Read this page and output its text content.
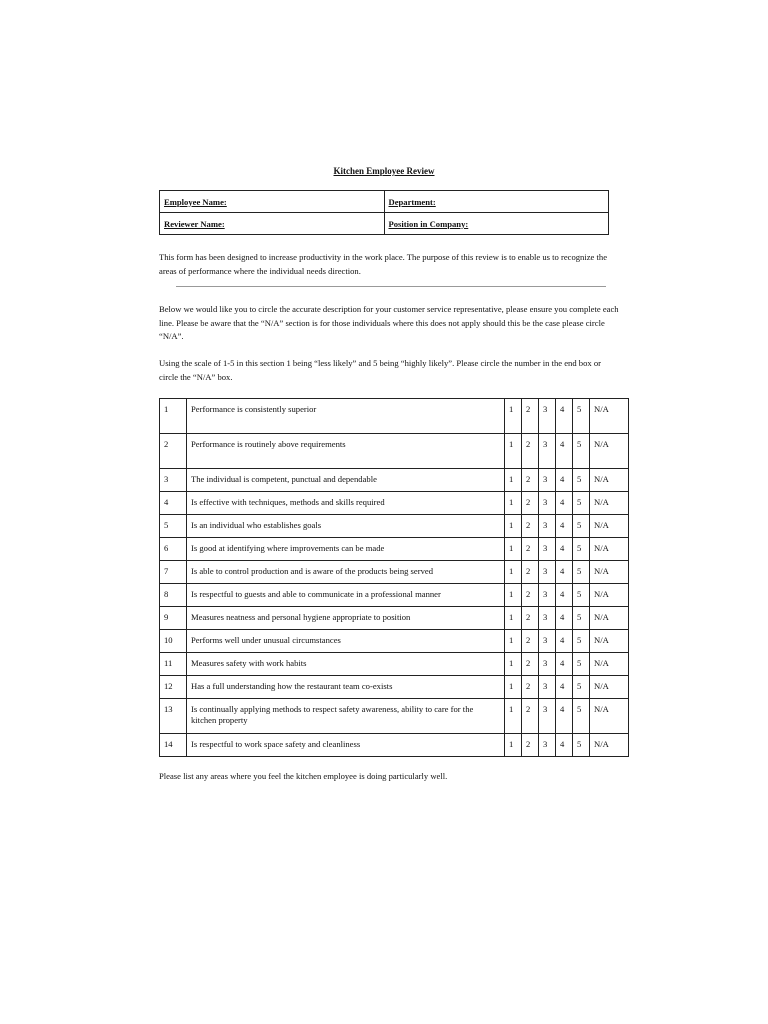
Kitchen Employee Review
Employee Name:	Department:
Reviewer Name:	Position in Company:

This form has been designed to increase productivity in the work place. The purpose of this review is to enable us to recognize the areas of performance where the individual needs direction.

Below we would like you to circle the accurate description for your customer service representative, please ensure you complete each line. Please be aware that the “N/A” section is for those individuals where this does not apply should this be the case please circle “N/A”.

Using the scale of 1-5 in this section 1 being “less likely” and 5 being “highly likely”. Please circle the number in the end box or circle the “N/A” box.

1	Performance is consistently superior	1	2	3	4	5	N/A
2	Performance is routinely above requirements	1	2	3	4	5	N/A
3	The individual is competent, punctual and dependable	1	2	3	4	5	N/A
4	Is effective with techniques, methods and skills required	1	2	3	4	5	N/A
5	Is an individual who establishes goals	1	2	3	4	5	N/A
6	Is good at identifying where improvements can be made	1	2	3	4	5	N/A
7	Is able to control production and is aware of the products being served	1	2	3	4	5	N/A
8	Is respectful to guests and able to communicate in a professional manner	1	2	3	4	5	N/A
9	Measures neatness and personal hygiene appropriate to position	1	2	3	4	5	N/A
10	Performs well under unusual circumstances	1	2	3	4	5	N/A
11	Measures safety with work habits	1	2	3	4	5	N/A
12	Has a full understanding how the restaurant team co-exists	1	2	3	4	5	N/A
13	Is continually applying methods to respect safety awareness, ability to care for the kitchen property	1	2	3	4	5	N/A
14	Is respectful to work space safety and cleanliness	1	2	3	4	5	N/A

Please list any areas where you feel the kitchen employee is doing particularly well.
